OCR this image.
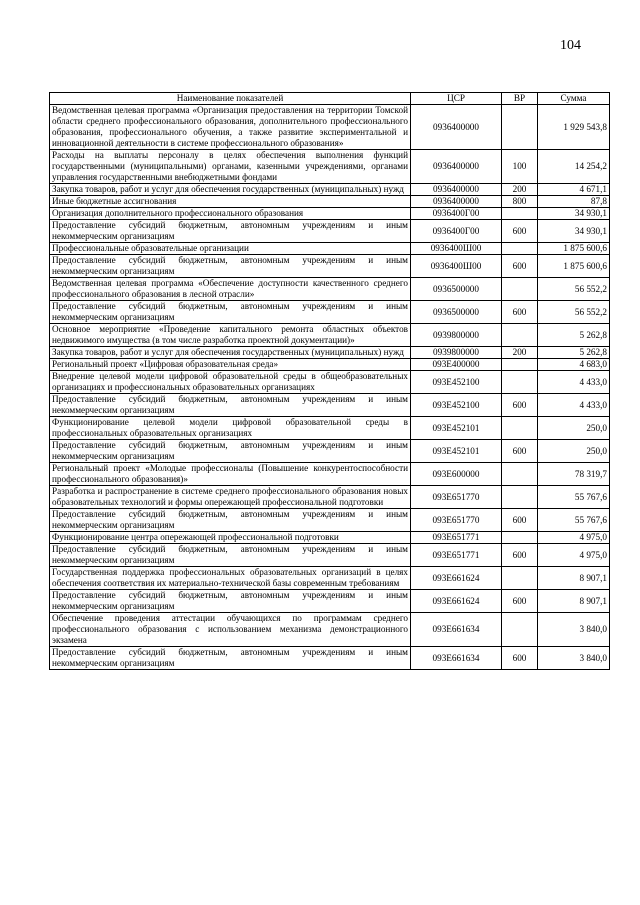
104
Наименование показателей	ЦСР	ВР	Сумма
Ведомственная целевая программа «Организация предоставления на территории Томской области среднего профессионального образования, дополнительного профессионального образования, профессионального обучения, а также развитие экспериментальной и инновационной деятельности в системе профессионального образования»	0936400000		1 929 543,8
Расходы на выплаты персоналу в целях обеспечения выполнения функций государственными (муниципальными) органами, казенными учреждениями, органами управления государственными внебюджетными фондами	0936400000	100	14 254,2
Закупка товаров, работ и услуг для обеспечения государственных (муниципальных) нужд	0936400000	200	4 671,1
Иные бюджетные ассигнования	0936400000	800	87,8
Организация дополнительного профессионального образования	0936400Г00		34 930,1
Предоставление субсидий бюджетным, автономным учреждениям и иным некоммерческим организациям	0936400Г00	600	34 930,1
Профессиональные образовательные организации	0936400Ш00		1 875 600,6
Предоставление субсидий бюджетным, автономным учреждениям и иным некоммерческим организациям	0936400Ш00	600	1 875 600,6
Ведомственная целевая программа «Обеспечение доступности качественного среднего профессионального образования в лесной отрасли»	0936500000		56 552,2
Предоставление субсидий бюджетным, автономным учреждениям и иным некоммерческим организациям	0936500000	600	56 552,2
Основное мероприятие «Проведение капитального ремонта областных объектов недвижимого имущества (в том числе разработка проектной документации)»	0939800000		5 262,8
Закупка товаров, работ и услуг для обеспечения государственных (муниципальных) нужд	0939800000	200	5 262,8
Региональный проект «Цифровая образовательная среда»	093Е400000		4 683,0
Внедрение целевой модели цифровой образовательной среды в общеобразовательных организациях и профессиональных образовательных организациях	093Е452100		4 433,0
Предоставление субсидий бюджетным, автономным учреждениям и иным некоммерческим организациям	093Е452100	600	4 433,0
Функционирование целевой модели цифровой образовательной среды в профессиональных образовательных организациях	093Е452101		250,0
Предоставление субсидий бюджетным, автономным учреждениям и иным некоммерческим организациям	093Е452101	600	250,0
Региональный проект «Молодые профессионалы (Повышение конкурентоспособности профессионального образования)»	093Е600000		78 319,7
Разработка и распространение в системе среднего профессионального образования новых образовательных технологий и формы опережающей профессиональной подготовки	093Е651770		55 767,6
Предоставление субсидий бюджетным, автономным учреждениям и иным некоммерческим организациям	093Е651770	600	55 767,6
Функционирование центра опережающей профессиональной подготовки	093Е651771		4 975,0
Предоставление субсидий бюджетным, автономным учреждениям и иным некоммерческим организациям	093Е651771	600	4 975,0
Государственная поддержка профессиональных образовательных организаций в целях обеспечения соответствия их материально-технической базы современным требованиям	093Е661624		8 907,1
Предоставление субсидий бюджетным, автономным учреждениям и иным некоммерческим организациям	093Е661624	600	8 907,1
Обеспечение проведения аттестации обучающихся по программам среднего профессионального образования с использованием механизма демонстрационного экзамена	093Е661634		3 840,0
Предоставление субсидий бюджетным, автономным учреждениям и иным некоммерческим организациям	093Е661634	600	3 840,0
